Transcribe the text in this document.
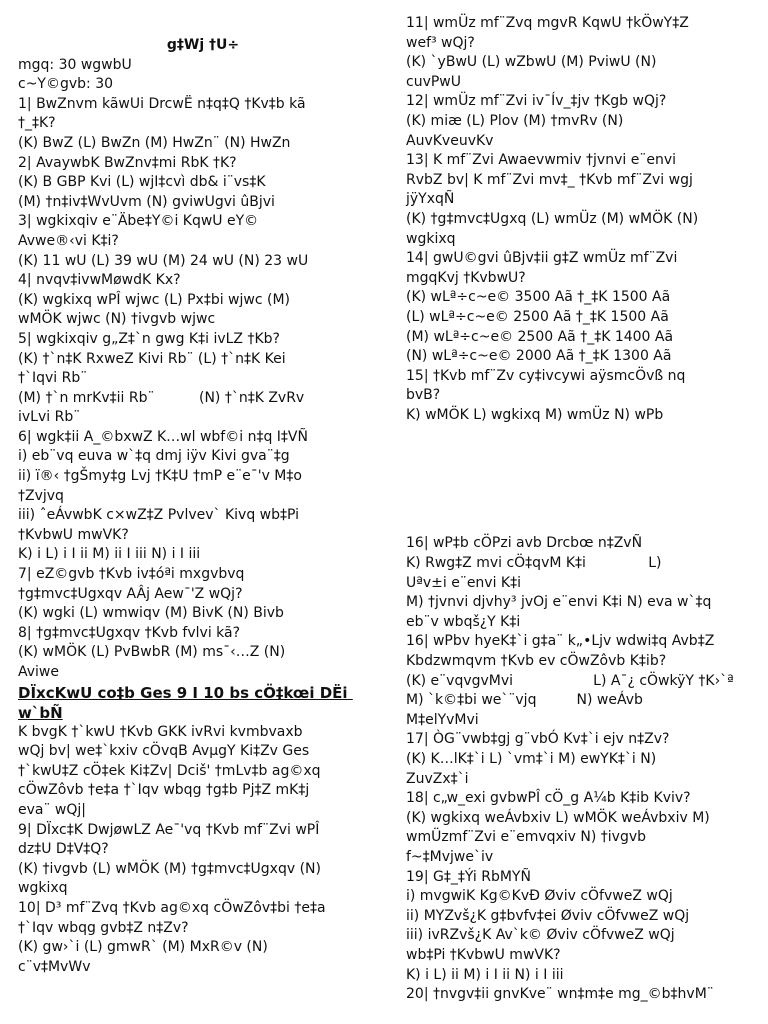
g‡Wj †U÷
mgq: 30 wgwbU
c~Y©gvb: 30
1| BwZnvm kãwUi DrcwË n‡q‡Q †Kv‡b kã
†_‡K?
(K) BwZ (L) BwZn (M) HwZn¨ (N) HwZn
2| AvaywbK BwZnv‡mi RbK †K?
(K) B GBP Kvi (L) wjI‡cvì db& i¨vs‡K
(M) †n‡iv‡WvUvm (N) gviwUgvi ûBjvi
3| wgkixqiv e¨Äbe‡Y©i KqwU eY©
Avwe®‹vi K‡i?
(K) 11 wU (L) 39 wU (M) 24 wU (N) 23 wU
4| nvqv‡ivwMøwdK Kx?
(K) wgkixq wPÎ wjwc (L) Px‡bi wjwc (M)
wMÖK wjwc (N) †ivgvb wjwc
5| wgkixqiv g„Z‡`n gwg K‡i ivLZ †Kb?
(K) †`n‡K RxweZ Kivi Rb¨ (L) †`n‡K Kei
†`Iqvi Rb¨
(M) †`n mrKv‡ii Rb¨          (N) †`n‡K ZvRv
ivLvi Rb¨
6| wgk‡ii A_©bxwZ K…wl wbf©i n‡q I‡VÑ
i) eb¨vq euva w`‡q dmj iÿv Kivi gva¨‡g
ii) ï®‹ †gŠmy‡g Lvj †K‡U †mP e¨e¯'v M‡o
†Zvjvq
iii) ˆeÁvwbK c×wZ‡Z Pvlvev` Kivq wb‡Pi
†KvbwU mwVK?
K) i L) i I ii M) ii I iii N) i I iii
7| eZ©gvb †Kvb iv‡óªi mxgvbvq
†g‡mvc‡Ugxqv AÂj Aew¯'Z wQj?
(K) wgki (L) wmwiqv (M) BivK (N) Bivb
8| †g‡mvc‡Ugxqv †Kvb fvlvi kã?
(K) wMÖK (L) PvBwbR (M) ms¯‹…Z (N)
Aviwe
DÏxcKwU co‡b Ges 9 I 10 bs cÖ‡kœi DËi w`bÑ
K bvgK †`kwU †Kvb GKK ivRvi kvmbvaxb
wQj bv| we‡`kxiv cÖvqB AvµgY Ki‡Zv Ges
†`kwU‡Z cÖ‡ek Ki‡Zv| Dciš' †mLv‡b ag©xq
cÖwZôvb †e‡a †`Iqv wbqg †g‡b Pj‡Z mK‡j
eva¨ wQj|
9| DÏxc‡K DwjøwLZ Ae¯'vq †Kvb mf¨Zvi wPÎ
dz‡U D‡V‡Q?
(K) †ivgvb (L) wMÖK (M) †g‡mvc‡Ugxqv (N)
wgkixq
10| D³ mf¨Zvq †Kvb ag©xq cÖwZôv‡bi †e‡a
†`Iqv wbqg gvb‡Z n‡Zv?
(K) gw›`i (L) gmwR` (M) MxR©v (N)
c¨v‡MvWv
11| wmÜz mf¨Zvq mgvR KqwU †kÖwY‡Z
wef³ wQj?
(K) `yBwU (L) wZbwU (M) PviwU (N)
cuvPwU
12| wmÜz mf¨Zvi iv¯Ív_‡jv †Kgb wQj?
(K) miæ (L) Plov (M) †mvRv (N)
AuvKveuvKv
13| K mf¨Zvi Awaevwmiv †jvnvi e¨envi
RvbZ bv| K mf¨Zvi mv‡_ †Kvb mf¨Zvi wgj
jÿYxqÑ
(K) †g‡mvc‡Ugxq (L) wmÜz (M) wMÖK (N)
wgkixq
14| gwU©gvi ûBjv‡ii g‡Z wmÜz mf¨Zvi
mgqKvj †KvbwU?
(K) wLª÷c~e© 3500 Aã †_‡K 1500 Aã
(L) wLª÷c~e© 2500 Aã †_‡K 1500 Aã
(M) wLª÷c~e© 2500 Aã †_‡K 1400 Aã
(N) wLª÷c~e© 2000 Aã †_‡K 1300 Aã
15| †Kvb mf¨Zv cy‡ivcywi aÿsmcÖvß nq
bvB?
K) wMÖK L) wgkixq M) wmÜz N) wPb
16| wP‡b cÖPzi avb Drcbœ n‡ZvÑ
K) Rwg‡Z mvi cÖ‡qvM K‡i              L)
Uªv±i e¨envi K‡i
M) †jvnvi djvhy³ jvOj e¨envi K‡i N) eva w`‡q
eb¨v wbqš¿Y K‡i
16| wPbv hyeK‡`i g‡a¨ k„•Ljv wdwi‡q Avb‡Z
Kbdzwmqvm †Kvb ev cÖwZôvb K‡ib?
(K) e¨vqvgvMvi                  L) A¯¿ cÖwkÿY †K›`ª
M) `k©‡bi we`¨vjq         N) weÁvb
M‡elYvMvi
17| ÒG¨vwb‡gj g¨vbÓ Kv‡`i ejv n‡Zv?
(K) K…lK‡`i L) `vm‡`i M) ewYK‡`i N)
ZuvZx‡`i
18| c„w_exi gvbwPÎ cÖ_g A¼b K‡ib Kviv?
(K) wgkixq weÁvbxiv L) wMÖK weÁvbxiv M)
wmÜzmf¨Zvi e¨emvqxiv N) †ivgvb
f~‡Mvjwe`iv
19| G‡_‡Ýi RbMYÑ
i) mvgwiK Kg©KvÐ Øviv cÖfvweZ wQj
ii) MYZvš¿K g‡bvfv‡ei Øviv cÖfvweZ wQj
iii) ivRZvš¿K Av`k© Øviv cÖfvweZ wQj
wb‡Pi †KvbwU mwVK?
K) i L) ii M) i I ii N) i I iii
20| †nvgv‡ii gnvKve¨ wn‡m‡e mg_©b‡hvM¨
